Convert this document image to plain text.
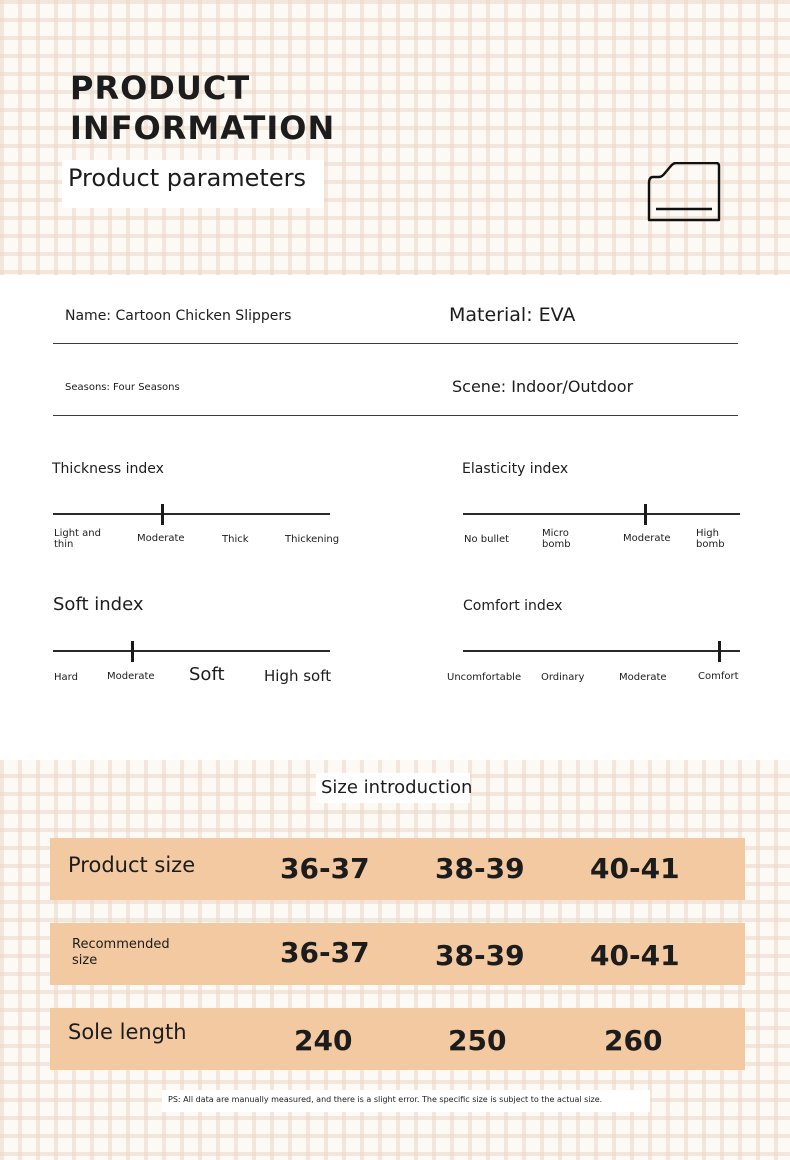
PRODUCT
INFORMATION
Product parameters
Name: Cartoon Chicken Slippers	Material: EVA
Seasons: Four Seasons	Scene: Indoor/Outdoor
Thickness index
Light and thin
Moderate	Thick	Thickening
Elasticity index
No bullet
Micro bomb
Moderate	High bomb
Soft index
Hard	Moderate Soft	High soft
Comfort index
Uncomfortable Ordinary	Moderate	Comfort
Size introduction
Product size	36-37 38-39 40-41
Recommended size	36-37 38-39 40-41
Sole length	240	250	260
PS: All data are manually measured, and there is a slight error. The specific size is subject to the actual size.
